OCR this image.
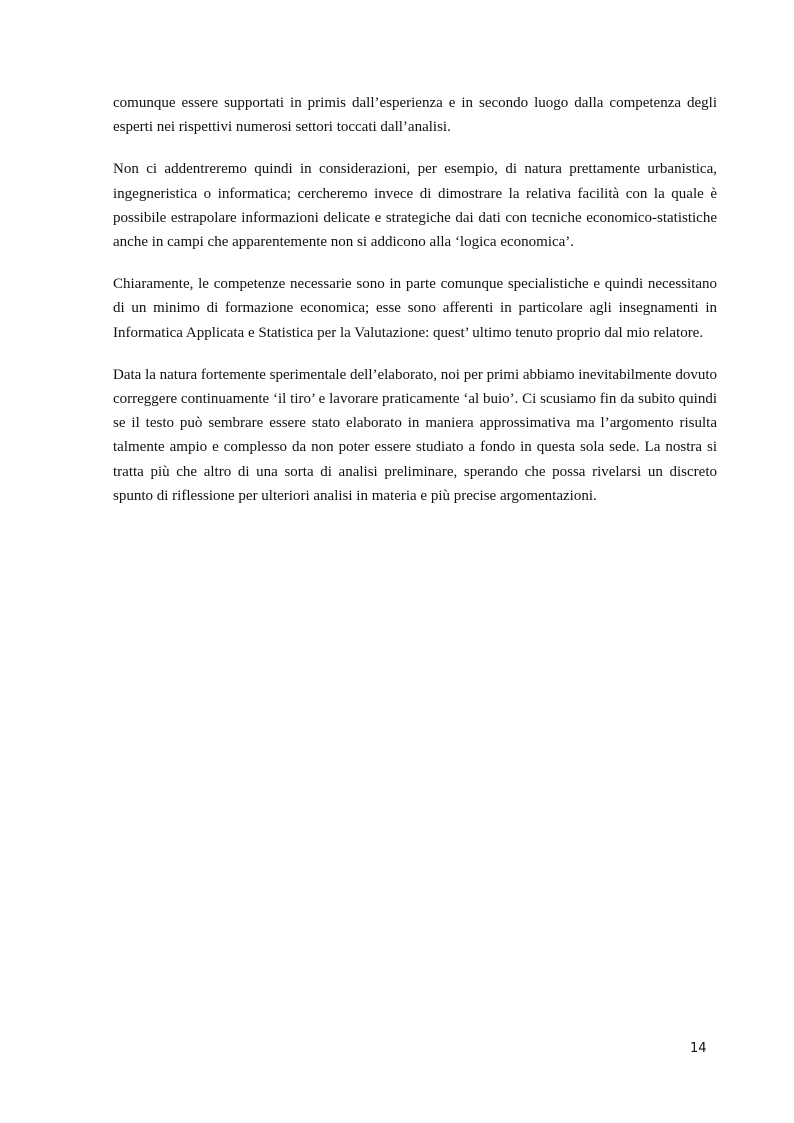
comunque essere supportati in primis dall’esperienza e in secondo luogo dalla competenza degli esperti nei rispettivi numerosi settori toccati dall’analisi.

Non ci addentreremo quindi in considerazioni, per esempio, di natura prettamente urbanistica, ingegneristica o informatica; cercheremo invece di dimostrare la relativa facilità con la quale è possibile estrapolare informazioni delicate e strategiche dai dati con tecniche economico-statistiche anche in campi che apparentemente non si addicono alla ‘logica economica’.

Chiaramente, le competenze necessarie sono in parte comunque specialistiche e quindi necessitano di un minimo di formazione economica; esse sono afferenti in particolare agli insegnamenti in Informatica Applicata e Statistica per la Valutazione: quest’ ultimo tenuto proprio dal mio relatore.

Data la natura fortemente sperimentale dell’elaborato, noi per primi abbiamo inevitabilmente dovuto correggere continuamente ‘il tiro’ e lavorare praticamente ‘al buio’. Ci scusiamo fin da subito quindi se il testo può sembrare essere stato elaborato in maniera approssimativa ma l’argomento risulta talmente ampio e complesso da non poter essere studiato a fondo in questa sola sede. La nostra si tratta più che altro di una sorta di analisi preliminare, sperando che possa rivelarsi un discreto spunto di riflessione per ulteriori analisi in materia e più precise argomentazioni.

14
